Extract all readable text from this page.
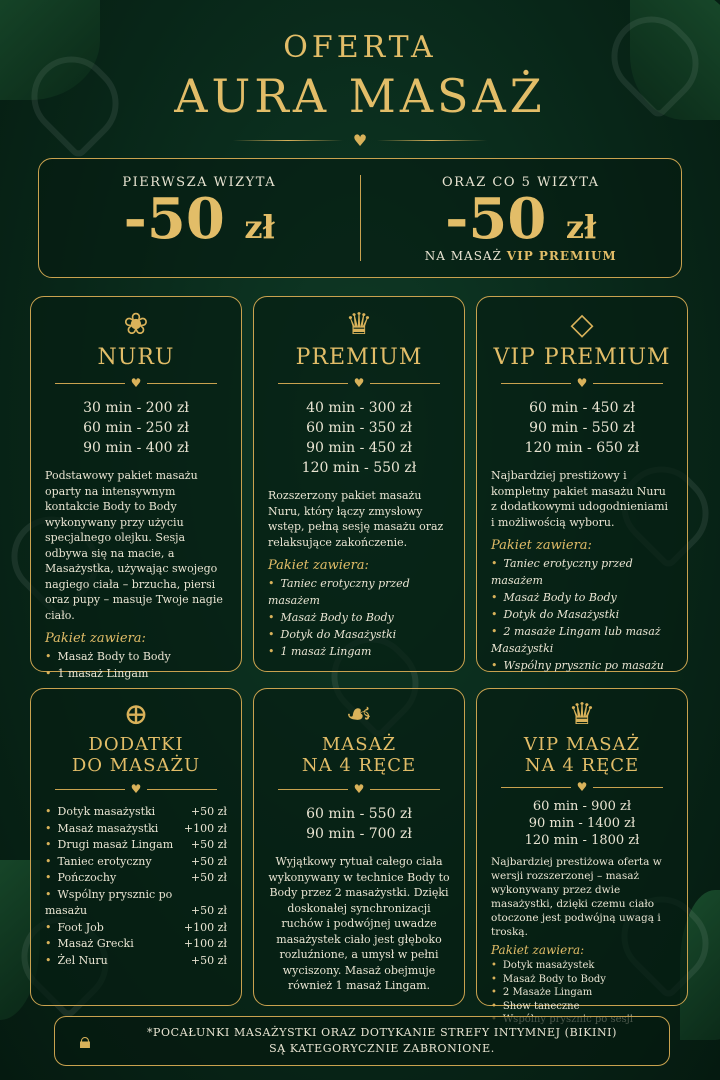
OFERTA
AURA MASAŻ
♥
PIERWSZA WIZYTA
-50 zł
ORAZ CO 5 WIZYTA
-50 zł
NA MASAŻ VIP PREMIUM
❀
NURU
♥
30 min - 200 zł
60 min - 250 zł
90 min - 400 zł
Podstawowy pakiet masażu oparty na intensywnym kontakcie Body to Body wykonywany przy użyciu specjalnego olejku. Sesja odbywa się na macie, a Masażystka, używając swojego nagiego ciała – brzucha, piersi oraz pupy – masuje Twoje nagie ciało.
Pakiet zawiera:
• Masaż Body to Body
• 1 masaż Lingam
♛
PREMIUM
♥
40 min - 300 zł
60 min - 350 zł
90 min - 450 zł
120 min - 550 zł
Rozszerzony pakiet masażu Nuru, który łączy zmysłowy wstęp, pełną sesję masażu oraz relaksujące zakończenie.
Pakiet zawiera:
• Taniec erotyczny przed masażem
• Masaż Body to Body
• Dotyk do Masażystki
• 1 masaż Lingam
◇
VIP PREMIUM
♥
60 min - 450 zł
90 min - 550 zł
120 min - 650 zł
Najbardziej prestiżowy i kompletny pakiet masażu Nuru z dodatkowymi udogodnieniami i możliwością wyboru.
Pakiet zawiera:
• Taniec erotyczny przed masażem
• Masaż Body to Body
• Dotyk do Masażystki
• 2 masaże Lingam lub masaż Masażystki
• Wspólny prysznic po masażu
⊕
DODATKI
DO MASAŻU
♥
• Dotyk masażystki	+50 zł
• Masaż masażystki +100 zł
• Drugi masaż Lingam +50 zł
• Taniec erotyczny	+50 zł
• Pończochy	+50 zł
• Wspólny prysznic po masażu	+50 zł
• Foot Job	+100 zł
• Masaż Grecki	+100 zł
• Żel Nuru	+50 zł
☙
MASAŻ
NA 4 RĘCE
♥
60 min - 550 zł
90 min - 700 zł
Wyjątkowy rytuał całego ciała wykonywany w technice Body to Body przez 2 masażystki. Dzięki doskonałej synchronizacji ruchów i podwójnej uwadze masażystek ciało jest głęboko rozluźnione, a umysł w pełni wyciszony. Masaż obejmuje również 1 masaż Lingam.
♛
VIP MASAŻ
NA 4 RĘCE
♥
60 min - 900 zł
90 min - 1400 zł
120 min - 1800 zł
Najbardziej prestiżowa oferta w wersji rozszerzonej – masaż wykonywany przez dwie masażystki, dzięki czemu ciało otoczone jest podwójną uwagą i troską.
Pakiet zawiera:
• Dotyk masażystek
• Masaż Body to Body
• 2 Masaże Lingam
• Show taneczne
•
🔒︎	*POCAŁUNKI MASAŻYSTKI ORAZ DOTYKANIE STREFY INTYMNEJ (BIKINI)
SĄ KATEGORYCZNIE ZABRONIONE.
